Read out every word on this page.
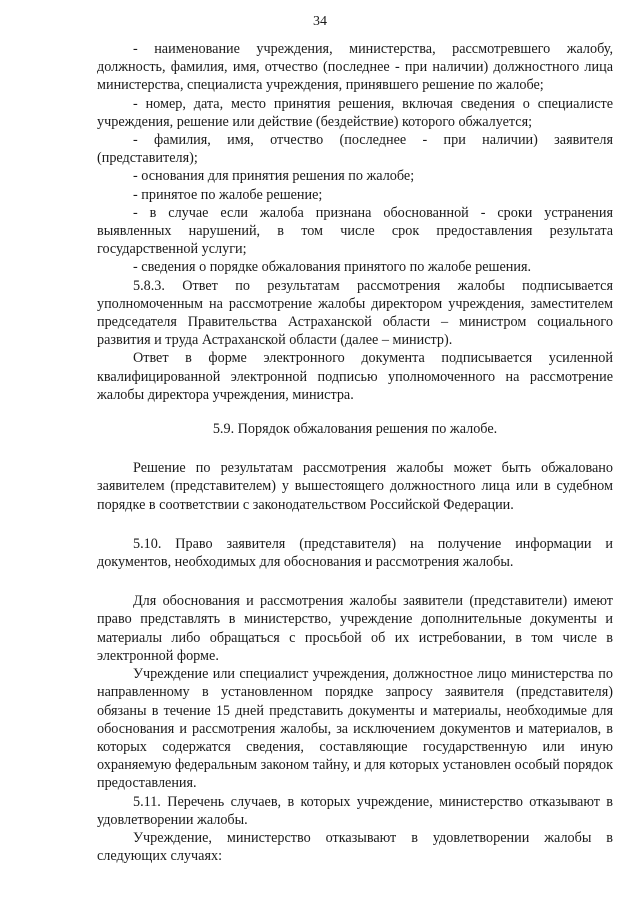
34

- наименование учреждения, министерства, рассмотревшего жалобу, должность, фамилия, имя, отчество (последнее - при наличии) должностного лица министерства, специалиста учреждения, принявшего решение по жалобе;

- номер, дата, место принятия решения, включая сведения о специалисте учреждения, решение или действие (бездействие) которого обжалуется;

- фамилия, имя, отчество (последнее - при наличии) заявителя (представителя);

- основания для принятия решения по жалобе;

- принятое по жалобе решение;

- в случае если жалоба признана обоснованной - сроки устранения выявленных нарушений, в том числе срок предоставления результата государственной услуги;

- сведения о порядке обжалования принятого по жалобе решения.

5.8.3. Ответ по результатам рассмотрения жалобы подписывается уполномоченным на рассмотрение жалобы директором учреждения, заместителем председателя Правительства Астраханской области – министром социального развития и труда Астраханской области (далее – министр).

Ответ в форме электронного документа подписывается усиленной квалифицированной электронной подписью уполномоченного на рассмотрение жалобы директора учреждения, министра.

5.9. Порядок обжалования решения по жалобе.

Решение по результатам рассмотрения жалобы может быть обжаловано заявителем (представителем) у вышестоящего должностного лица или в судебном порядке в соответствии с законодательством Российской Федерации.

5.10. Право заявителя (представителя) на получение информации и документов, необходимых для обоснования и рассмотрения жалобы.

Для обоснования и рассмотрения жалобы заявители (представители) имеют право представлять в министерство, учреждение дополнительные документы и материалы либо обращаться с просьбой об их истребовании, в том числе в электронной форме.

Учреждение или специалист учреждения, должностное лицо министерства по направленному в установленном порядке запросу заявителя (представителя) обязаны в течение 15 дней представить документы и материалы, необходимые для обоснования и рассмотрения жалобы, за исключением документов и материалов, в которых содержатся сведения, составляющие государственную или иную охраняемую федеральным законом тайну, и для которых установлен особый порядок предоставления.

5.11. Перечень случаев, в которых учреждение, министерство отказывают в удовлетворении жалобы.

Учреждение, министерство отказывают в удовлетворении жалобы в следующих случаях:
